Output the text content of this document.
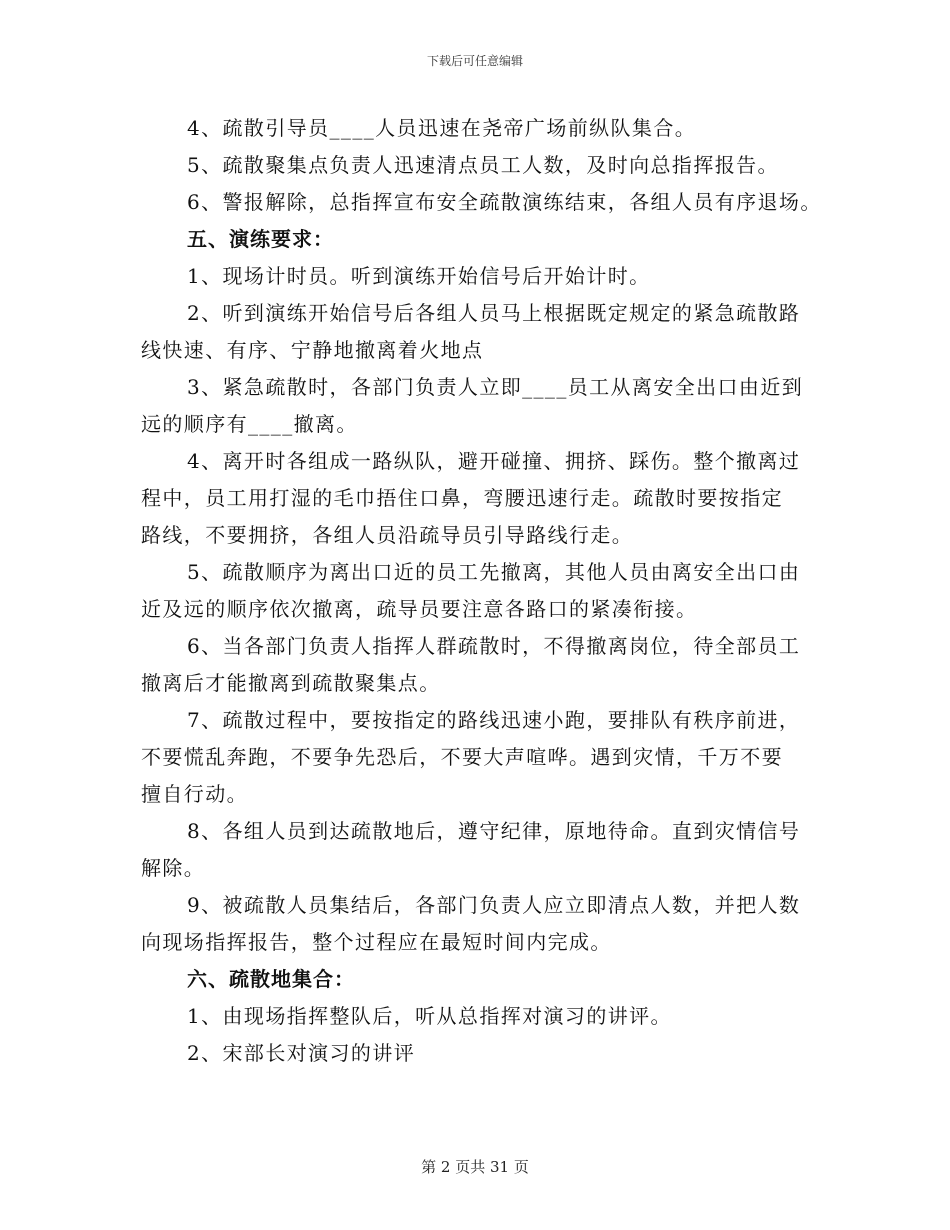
下载后可任意编辑
4、疏散引导员____人员迅速在尧帝广场前纵队集合。
5、疏散聚集点负责人迅速清点员工人数，及时向总指挥报告。
6、警报解除，总指挥宣布安全疏散演练结束，各组人员有序退场。
五、演练要求：
1、现场计时员。听到演练开始信号后开始计时。
2、听到演练开始信号后各组人员马上根据既定规定的紧急疏散路
线快速、有序、宁静地撤离着火地点
3、紧急疏散时，各部门负责人立即____员工从离安全出口由近到
远的顺序有____撤离。
4、离开时各组成一路纵队，避开碰撞、拥挤、踩伤。整个撤离过
程中，员工用打湿的毛巾捂住口鼻，弯腰迅速行走。疏散时要按指定
路线，不要拥挤，各组人员沿疏导员引导路线行走。
5、疏散顺序为离出口近的员工先撤离，其他人员由离安全出口由
近及远的顺序依次撤离，疏导员要注意各路口的紧凑衔接。
6、当各部门负责人指挥人群疏散时，不得撤离岗位，待全部员工
撤离后才能撤离到疏散聚集点。
7、疏散过程中，要按指定的路线迅速小跑，要排队有秩序前进，
不要慌乱奔跑，不要争先恐后，不要大声喧哗。遇到灾情，千万不要
擅自行动。
8、各组人员到达疏散地后，遵守纪律，原地待命。直到灾情信号
解除。
9、被疏散人员集结后，各部门负责人应立即清点人数，并把人数
向现场指挥报告，整个过程应在最短时间内完成。
六、疏散地集合：
1、由现场指挥整队后，听从总指挥对演习的讲评。
2、宋部长对演习的讲评
第 2 页共 31 页
